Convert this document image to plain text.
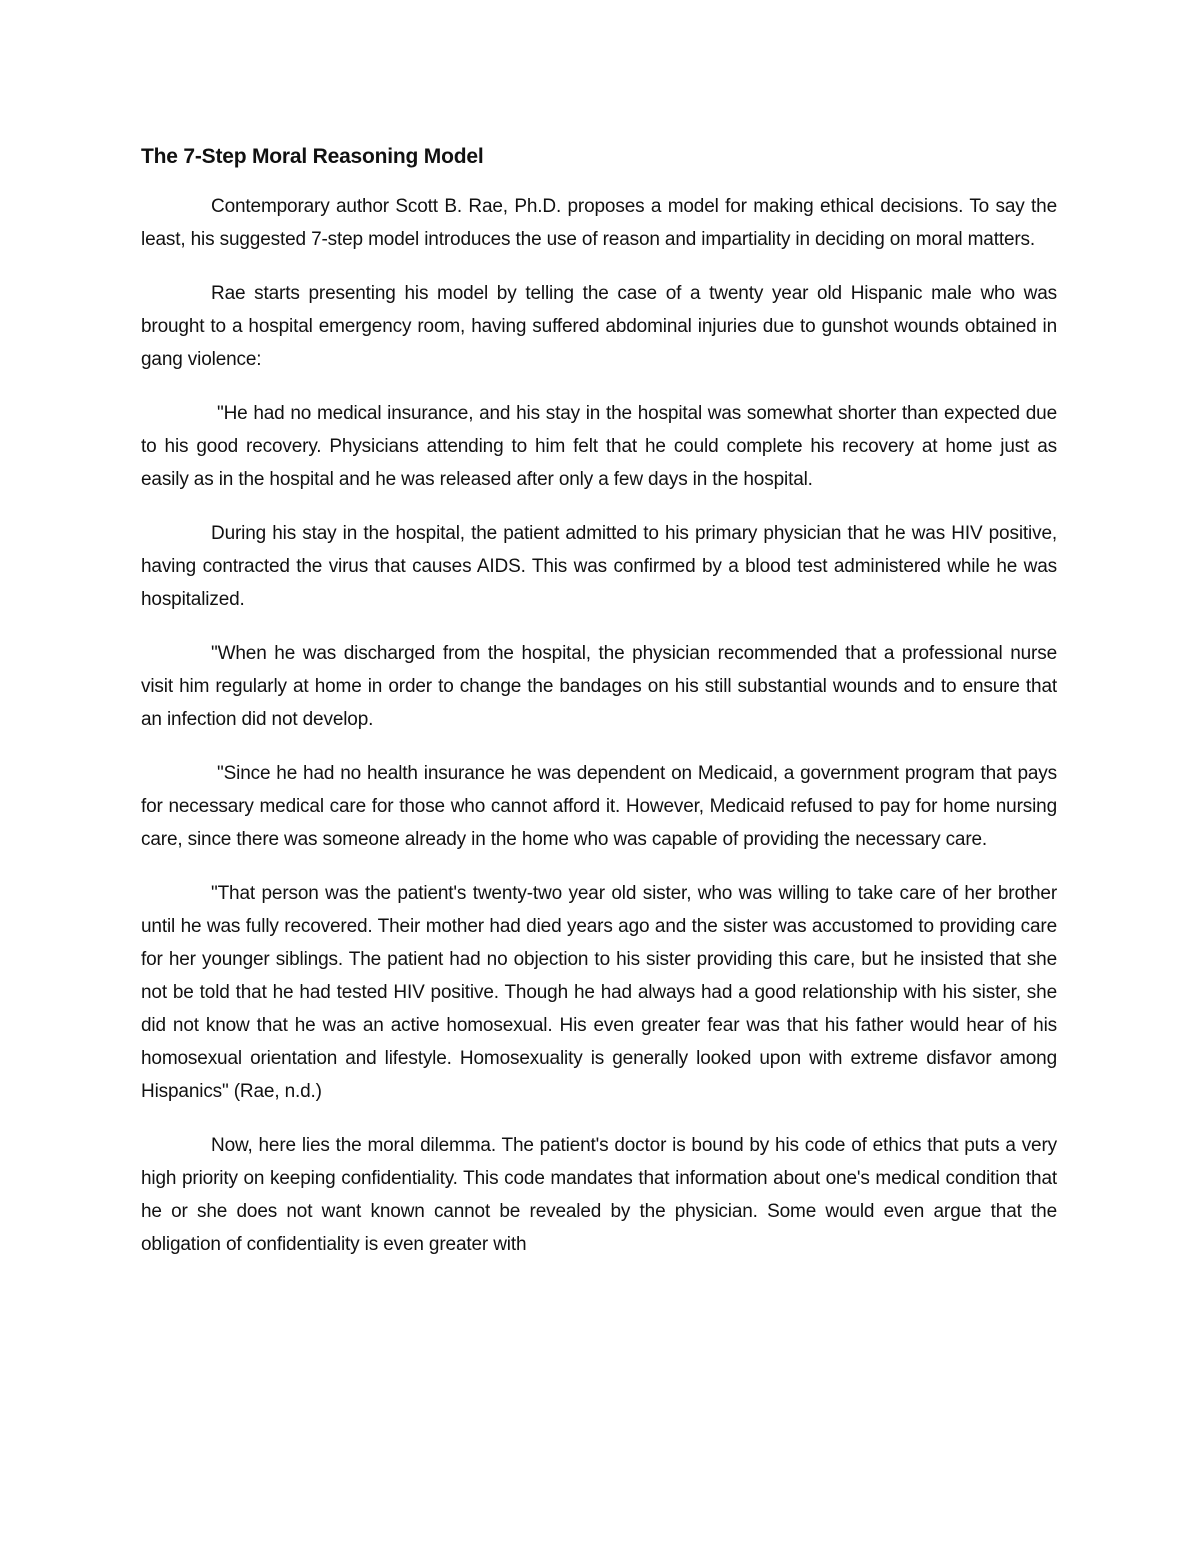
The 7-Step Moral Reasoning Model

Contemporary author Scott B. Rae, Ph.D. proposes a model for making ethical decisions. To say the least, his suggested 7-step model introduces the use of reason and impartiality in deciding on moral matters.

Rae starts presenting his model by telling the case of a twenty year old Hispanic male who was brought to a hospital emergency room, having suffered abdominal injuries due to gunshot wounds obtained in gang violence:

"He had no medical insurance, and his stay in the hospital was somewhat shorter than expected due to his good recovery. Physicians attending to him felt that he could complete his recovery at home just as easily as in the hospital and he was released after only a few days in the hospital.

During his stay in the hospital, the patient admitted to his primary physician that he was HIV positive, having contracted the virus that causes AIDS. This was confirmed by a blood test administered while he was hospitalized.

"When he was discharged from the hospital, the physician recommended that a professional nurse visit him regularly at home in order to change the bandages on his still substantial wounds and to ensure that an infection did not develop.

"Since he had no health insurance he was dependent on Medicaid, a government program that pays for necessary medical care for those who cannot afford it. However, Medicaid refused to pay for home nursing care, since there was someone already in the home who was capable of providing the necessary care.

"That person was the patient's twenty-two year old sister, who was willing to take care of her brother until he was fully recovered. Their mother had died years ago and the sister was accustomed to providing care for her younger siblings. The patient had no objection to his sister providing this care, but he insisted that she not be told that he had tested HIV positive. Though he had always had a good relationship with his sister, she did not know that he was an active homosexual. His even greater fear was that his father would hear of his homosexual orientation and lifestyle. Homosexuality is generally looked upon with extreme disfavor among Hispanics" (Rae, n.d.)

Now, here lies the moral dilemma. The patient's doctor is bound by his code of ethics that puts a very high priority on keeping confidentiality. This code mandates that information about one's medical condition that he or she does not want known cannot be revealed by the physician. Some would even argue that the obligation of confidentiality is even greater with
